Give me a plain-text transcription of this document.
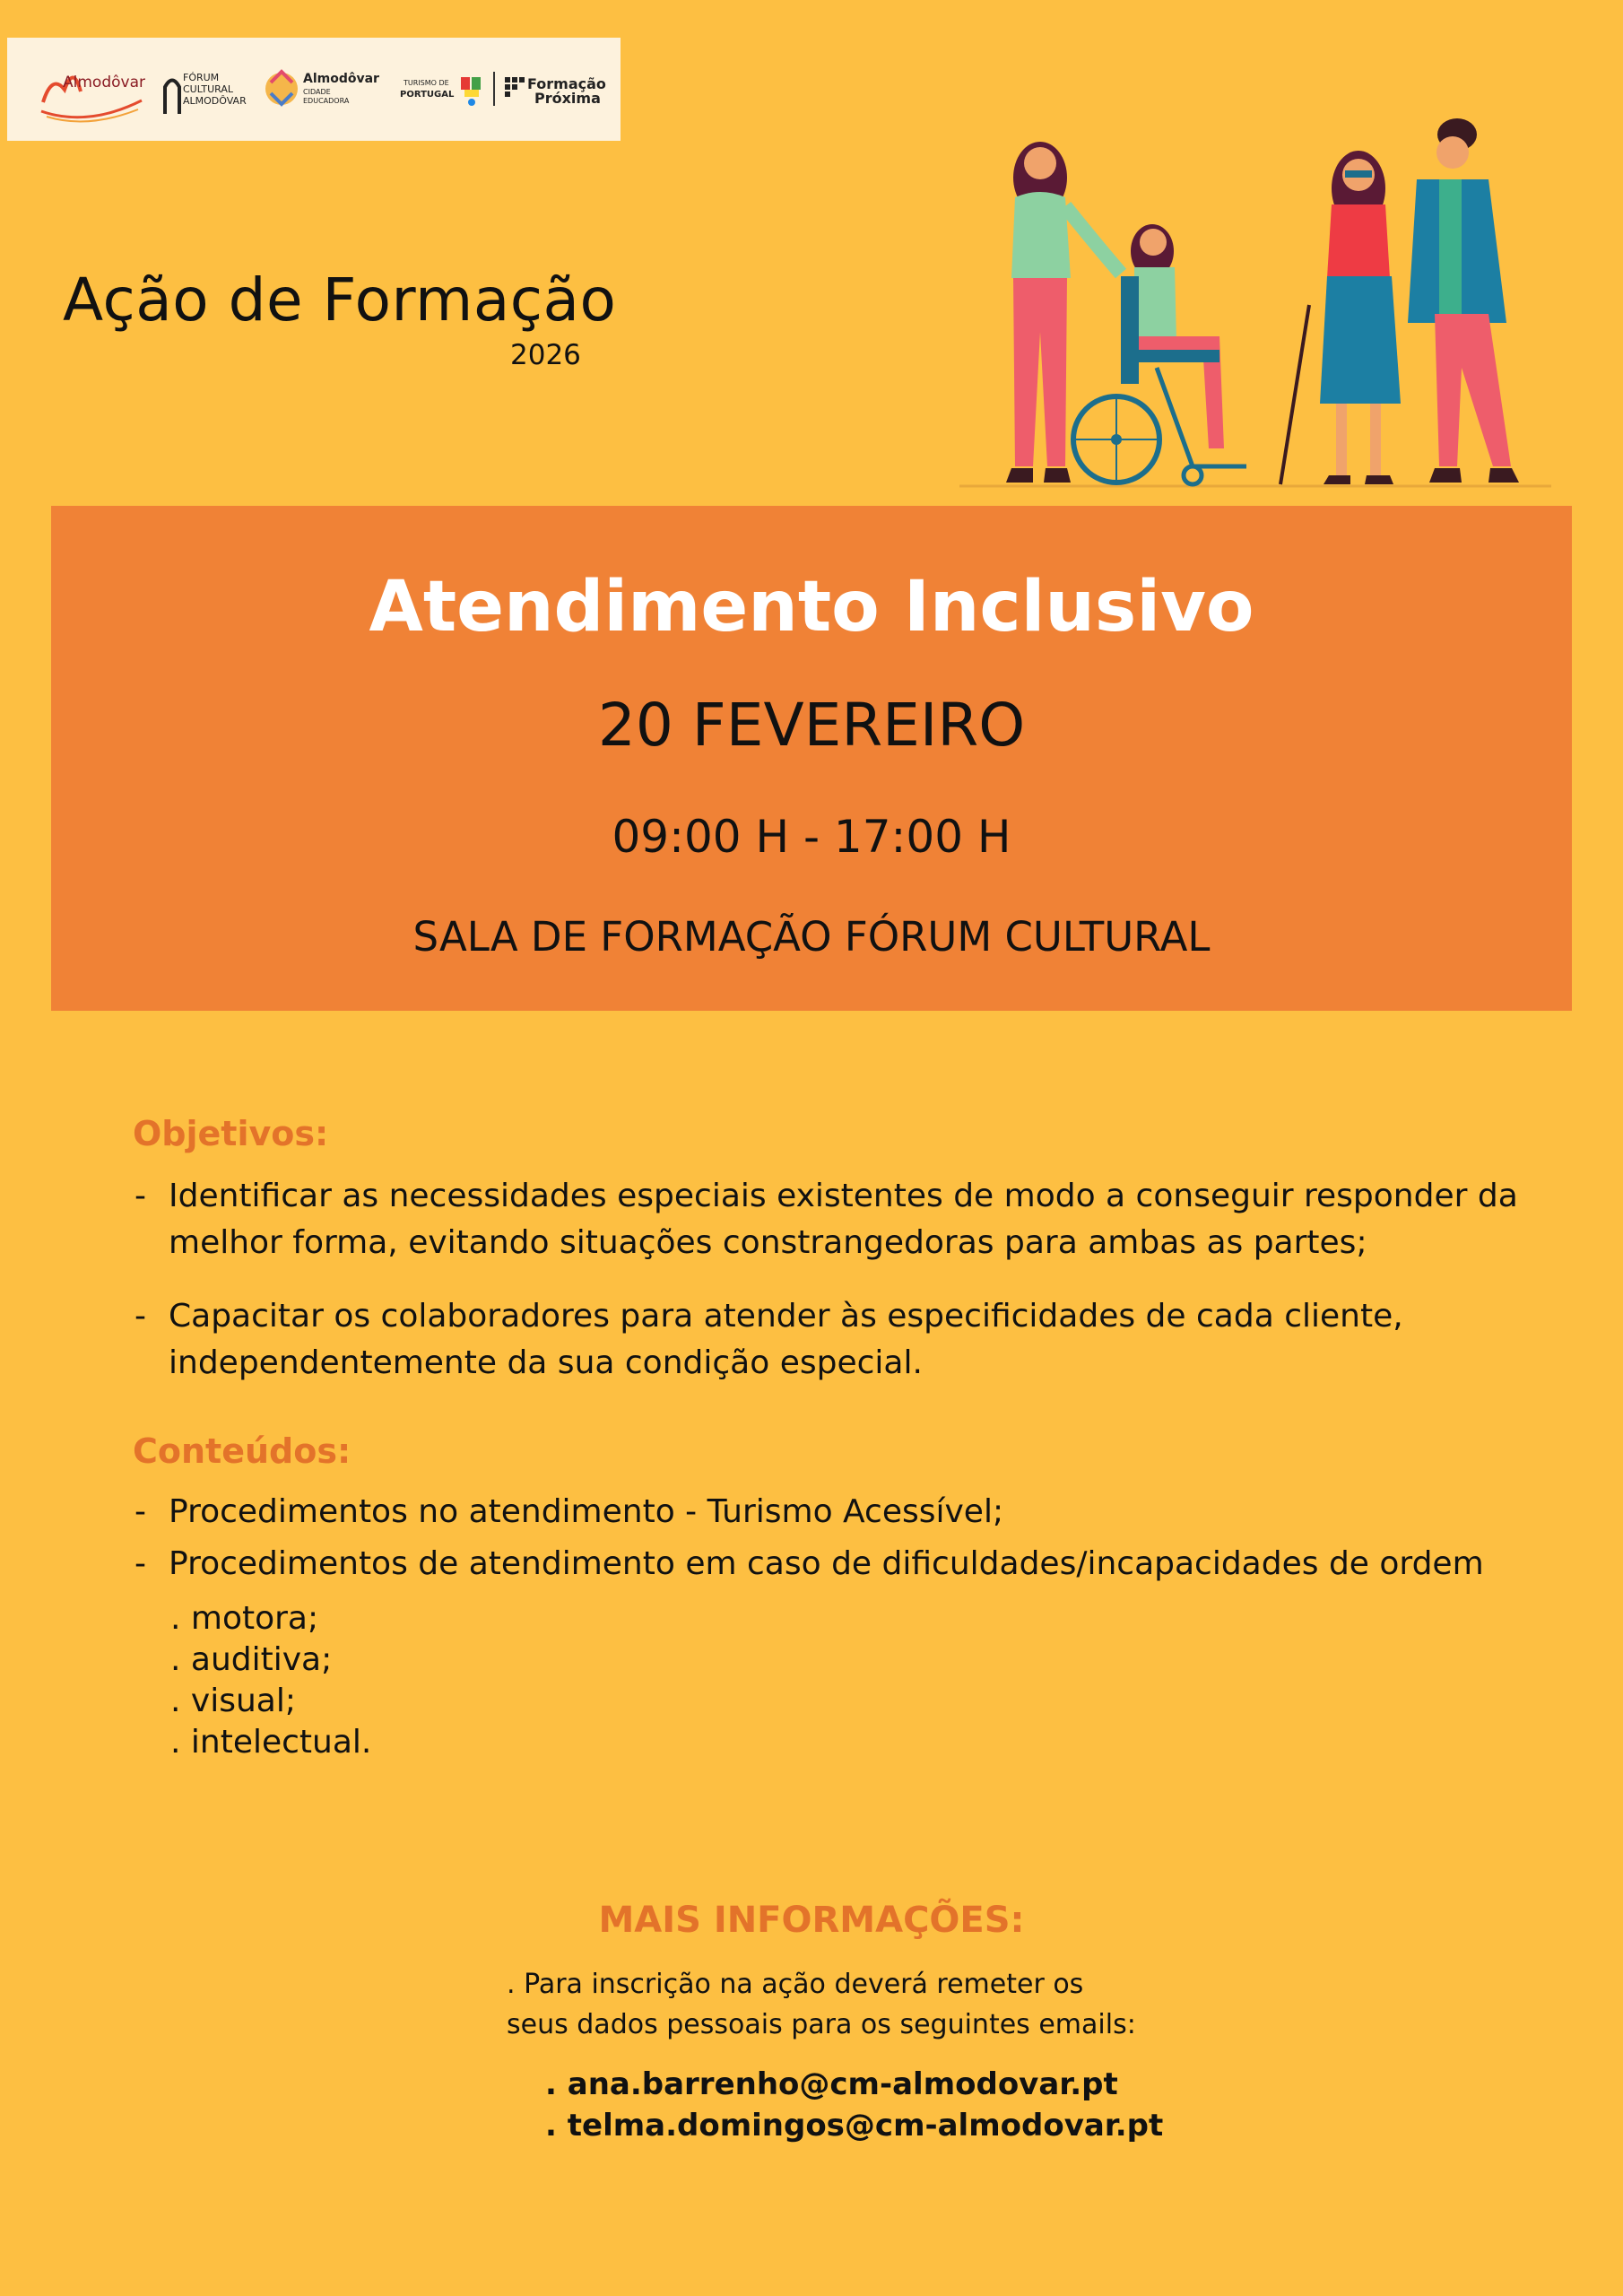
Almodôvar	FÓRUM
CULTURAL
ALMODÔVAR
Almodôvar
CIDADE
EDUCADORA
TURISMO DE
PORTUGAL
Formação
Próxima
Ação de Formação
2026
Atendimento Inclusivo
20 FEVEREIRO
09:00 H - 17:00 H
SALA DE FORMAÇÃO FÓRUM CULTURAL
Objetivos:
- Identificar as necessidades especiais existentes de modo a conseguir responder da
melhor forma, evitando situações constrangedoras para ambas as partes;
- Capacitar os colaboradores para atender às especificidades de cada cliente,
independentemente da sua condição especial.
Conteúdos:
- Procedimentos no atendimento - Turismo Acessível;
- Procedimentos de atendimento em caso de dificuldades/incapacidades de ordem
. motora;
. auditiva;
. visual;
. intelectual.
MAIS INFORMAÇÕES:
. Para inscrição na ação deverá remeter os
seus dados pessoais para os seguintes emails:
. ana.barrenho@cm-almodovar.pt
. telma.domingos@cm-almodovar.pt
